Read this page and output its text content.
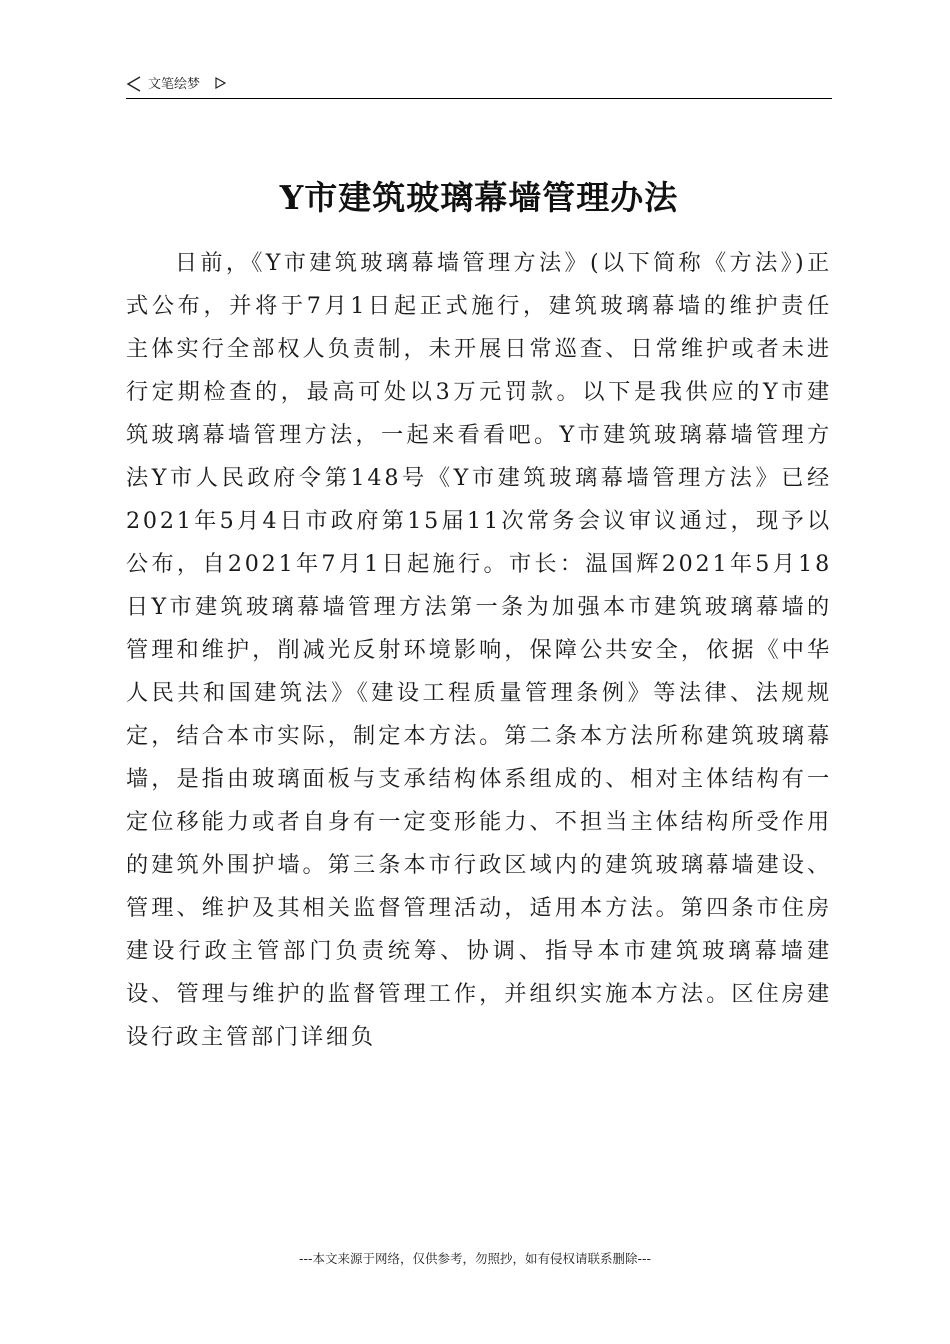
文笔绘梦
Y市建筑玻璃幕墙管理办法

日前，《Y市建筑玻璃幕墙管理方法》(以下简称《方法》)正式公布，并将于7月1日起正式施行，建筑玻璃幕墙的维护责任主体实行全部权人负责制，未开展日常巡查、日常维护或者未进行定期检查的，最高可处以3万元罚款。以下是我供应的Y市建筑玻璃幕墙管理方法，一起来看看吧。Y市建筑玻璃幕墙管理方法Y市人民政府令第148号《Y市建筑玻璃幕墙管理方法》已经2021年5月4日市政府第15届11次常务会议审议通过，现予以公布，自2021年7月1日起施行。市长：温国辉2021年5月18日Y市建筑玻璃幕墙管理方法第一条为加强本市建筑玻璃幕墙的管理和维护，削减光反射环境影响，保障公共安全，依据《中华人民共和国建筑法》《建设工程质量管理条例》等法律、法规规定，结合本市实际，制定本方法。第二条本方法所称建筑玻璃幕墙，是指由玻璃面板与支承结构体系组成的、相对主体结构有一定位移能力或者自身有一定变形能力、不担当主体结构所受作用的建筑外围护墙。第三条本市行政区域内的建筑玻璃幕墙建设、管理、维护及其相关监督管理活动，适用本方法。第四条市住房建设行政主管部门负责统筹、协调、指导本市建筑玻璃幕墙建设、管理与维护的监督管理工作，并组织实施本方法。区住房建设行政主管部门详细负

---本文来源于网络，仅供参考，勿照抄，如有侵权请联系删除---
